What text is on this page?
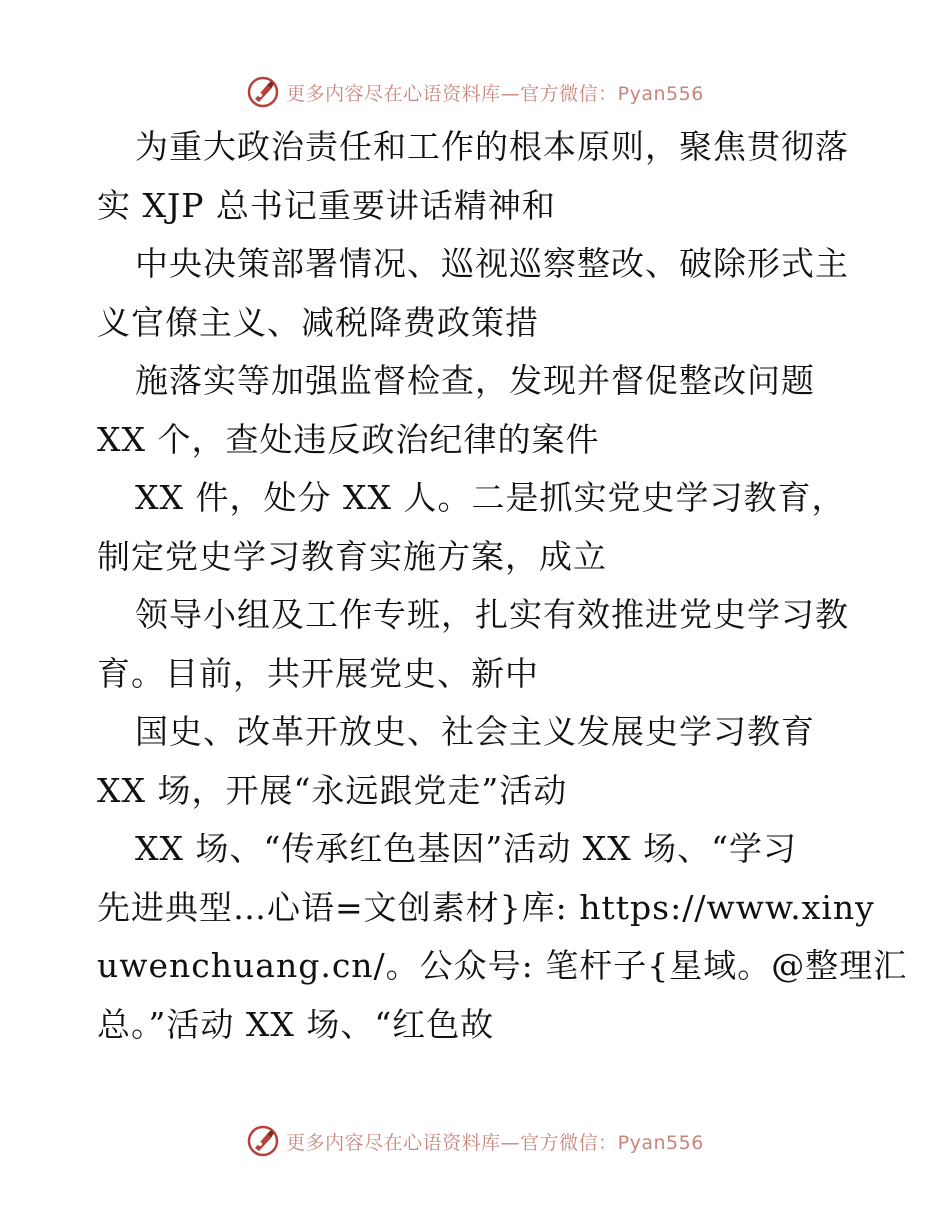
更多内容尽在心语资料库—官方微信：Pyan556
为重大政治责任和工作的根本原则，聚焦贯彻落
实 XJP 总书记重要讲话精神和
中央决策部署情况、巡视巡察整改、破除形式主
义官僚主义、减税降费政策措
施落实等加强监督检查，发现并督促整改问题
XX 个，查处违反政治纪律的案件
XX 件，处分 XX 人。二是抓实党史学习教育，
制定党史学习教育实施方案，成立
领导小组及工作专班，扎实有效推进党史学习教
育。目前，共开展党史、新中
国史、改革开放史、社会主义发展史学习教育
XX 场，开展“永远跟党走”活动
XX 场、“传承红色基因”活动 XX 场、“学习
先进典型…心语=文创素材}库: https://www.xiny
uwenchuang.cn/。公众号: 笔杆子{星域。@整理汇
总。”活动 XX 场、“红色故
更多内容尽在心语资料库—官方微信：Pyan556
